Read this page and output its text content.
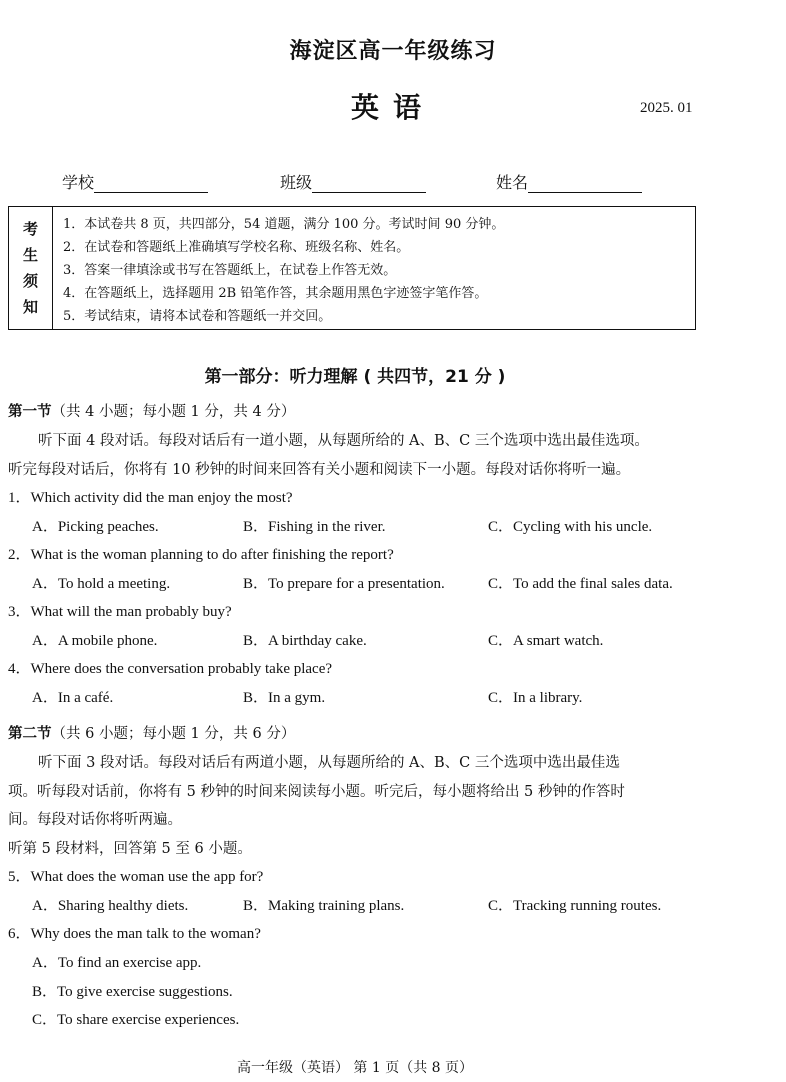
海淀区高一年级练习
英语	2025. 01
学校	班级	姓名
考
生
须
知
1．本试卷共 8 页，共四部分，54 道题，满分 100 分。考试时间 90 分钟。
2．在试卷和答题纸上准确填写学校名称、班级名称、姓名。
3．答案一律填涂或书写在答题纸上，在试卷上作答无效。
4．在答题纸上，选择题用 2B 铅笔作答，其余题用黑色字迹签字笔作答。
5．考试结束，请将本试卷和答题纸一并交回。
第一部分：听力理解 ( 共四节，21 分 )
第一节（共 4 小题；每小题 1 分，共 4 分）
听下面 4 段对话。每段对话后有一道小题，从每题所给的 A、B、C 三个选项中选出最佳选项。
听完每段对话后，你将有 10 秒钟的时间来回答有关小题和阅读下一小题。每段对话你将听一遍。
1．Which activity did the man enjoy the most?
A．Picking peaches.	B．Fishing in the river.	C．Cycling with his uncle.
2．What is the woman planning to do after finishing the report?
A．To hold a meeting.	B．To prepare for a presentation.	C．To add the final sales data.
3．What will the man probably buy?
A．A mobile phone.	B．A birthday cake.	C．A smart watch.
4．Where does the conversation probably take place?
A．In a café.	B．In a gym.	C．In a library.
第二节（共 6 小题；每小题 1 分，共 6 分）
听下面 3 段对话。每段对话后有两道小题，从每题所给的 A、B、C 三个选项中选出最佳选
项。听每段对话前，你将有 5 秒钟的时间来阅读每小题。听完后，每小题将给出 5 秒钟的作答时
间。每段对话你将听两遍。
听第 5 段材料，回答第 5 至 6 小题。
5．What does the woman use the app for?
A．Sharing healthy diets.	B．Making training plans.	C．Tracking running routes.
6．Why does the man talk to the woman?
A．To find an exercise app.
B．To give exercise suggestions.
C．To share exercise experiences.
高一年级（英语） 第 1 页（共 8 页）
